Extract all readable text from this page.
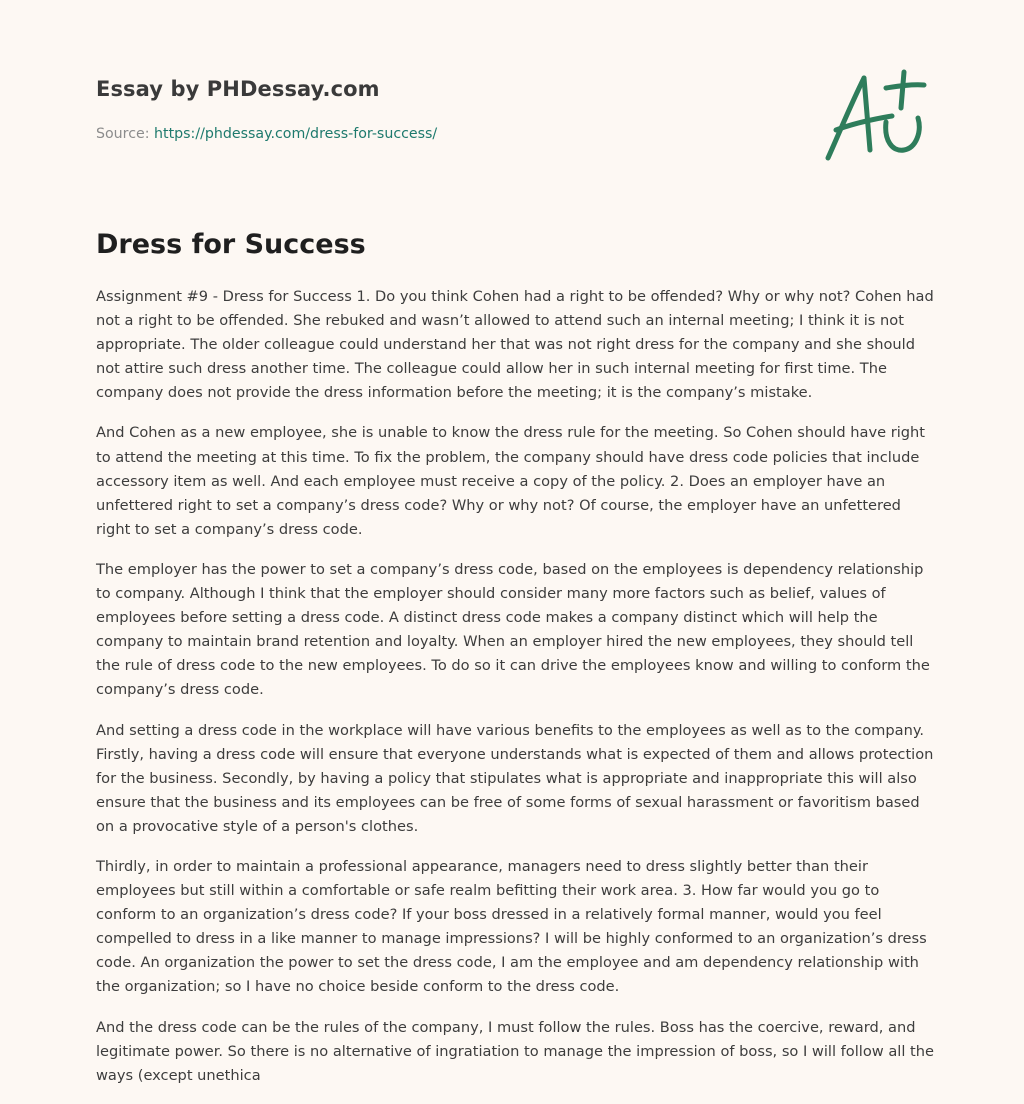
Essay by PHDessay.com
Source: https://phdessay.com/dress-for-success/
Dress for Success

Assignment #9 - Dress for Success 1. Do you think Cohen had a right to be offended? Why or why not? Cohen had not a right to be offended. She rebuked and wasn’t allowed to attend such an internal meeting; I think it is not appropriate. The older colleague could understand her that was not right dress for the company and she should not attire such dress another time. The colleague could allow her in such internal meeting for first time. The company does not provide the dress information before the meeting; it is the company’s mistake.

And Cohen as a new employee, she is unable to know the dress rule for the meeting. So Cohen should have right to attend the meeting at this time. To fix the problem, the company should have dress code policies that include accessory item as well. And each employee must receive a copy of the policy. 2. Does an employer have an unfettered right to set a company’s dress code? Why or why not? Of course, the employer have an unfettered right to set a company’s dress code.

The employer has the power to set a company’s dress code, based on the employees is dependency relationship to company. Although I think that the employer should consider many more factors such as belief, values of employees before setting a dress code. A distinct dress code makes a company distinct which will help the company to maintain brand retention and loyalty. When an employer hired the new employees, they should tell the rule of dress code to the new employees. To do so it can drive the employees know and willing to conform the company’s dress code.

And setting a dress code in the workplace will have various benefits to the employees as well as to the company. Firstly, having a dress code will ensure that everyone understands what is expected of them and allows protection for the business. Secondly, by having a policy that stipulates what is appropriate and inappropriate this will also ensure that the business and its employees can be free of some forms of sexual harassment or favoritism based on a provocative style of a person's clothes.

Thirdly, in order to maintain a professional appearance, managers need to dress slightly better than their employees but still within a comfortable or safe realm befitting their work area. 3. How far would you go to conform to an organization’s dress code? If your boss dressed in a relatively formal manner, would you feel compelled to dress in a like manner to manage impressions? I will be highly conformed to an organization’s dress code. An organization the power to set the dress code, I am the employee and am dependency relationship with the organization; so I have no choice beside conform to the dress code.

And the dress code can be the rules of the company, I must follow the rules. Boss has the coercive, reward, and legitimate power. So there is no alternative of ingratiation to manage the impression of boss, so I will follow all the ways (except unethica
